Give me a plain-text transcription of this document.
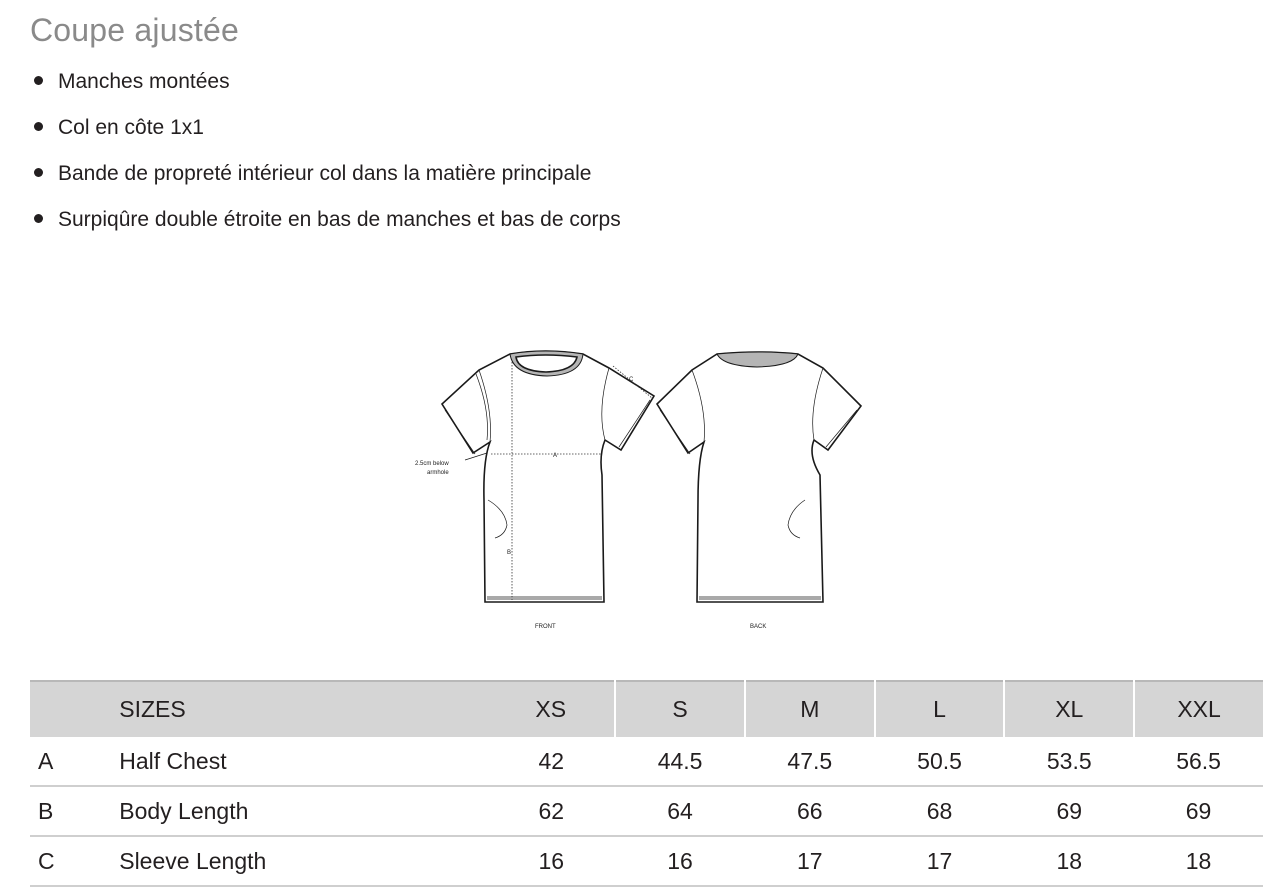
Coupe ajustée
Manches montées
Col en côte 1x1
Bande de propreté intérieur col dans la matière principale
Surpiqûre double étroite en bas de manches et bas de corps
A
B
C
2.5cm below
armhole
FRONT	BACK
	SIZES	XS	S	M	L	XL	XXL
A	Half Chest	42	44.5	47.5	50.5	53.5	56.5
B	Body Length	62	64	66	68	69	69
C	Sleeve Length	16	16	17	17	18	18
